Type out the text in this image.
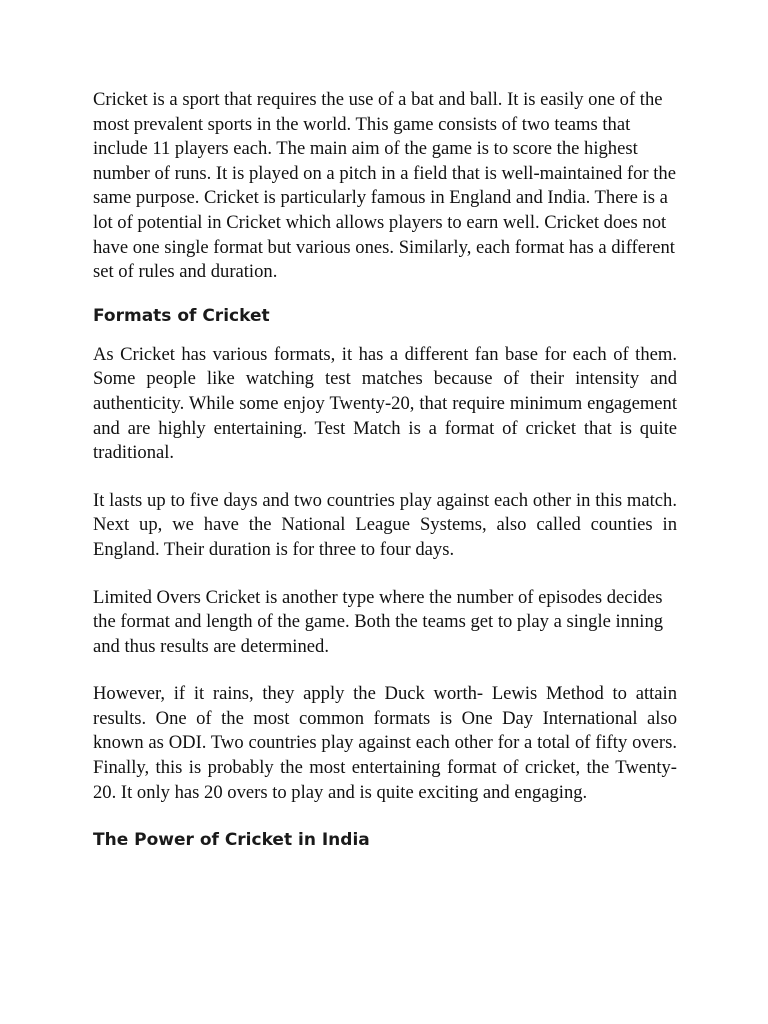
Cricket is a sport that requires the use of a bat and ball. It is easily one of the most prevalent sports in the world. This game consists of two teams that include 11 players each. The main aim of the game is to score the highest number of runs. It is played on a pitch in a field that is well-maintained for the same purpose. Cricket is particularly famous in England and India. There is a lot of potential in Cricket which allows players to earn well. Cricket does not have one single format but various ones. Similarly, each format has a different set of rules and duration.

Formats of Cricket

As Cricket has various formats, it has a different fan base for each of them. Some people like watching test matches because of their intensity and authenticity. While some enjoy Twenty-20, that require minimum engagement and are highly entertaining. Test Match is a format of cricket that is quite traditional.

It lasts up to five days and two countries play against each other in this match. Next up, we have the National League Systems, also called counties in England. Their duration is for three to four days.

Limited Overs Cricket is another type where the number of episodes decides the format and length of the game. Both the teams get to play a single inning and thus results are determined.

However, if it rains, they apply the Duck worth- Lewis Method to attain results. One of the most common formats is One Day International also known as ODI. Two countries play against each other for a total of fifty overs. Finally, this is probably the most entertaining format of cricket, the Twenty-20. It only has 20 overs to play and is quite exciting and engaging.

The Power of Cricket in India
